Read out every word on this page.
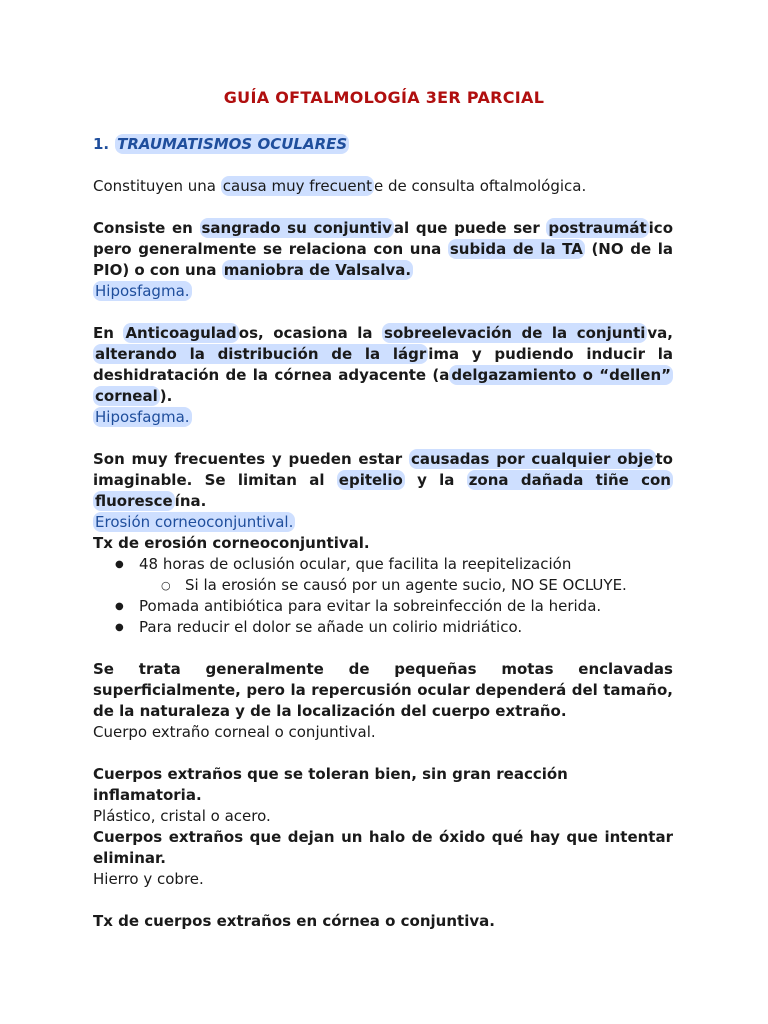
GUÍA OFTALMOLOGÍA 3ER PARCIAL
1. TRAUMATISMOS OCULARES
Constituyen una causa muy frecuent e de consulta oftalmológica.
Consiste en sangrado su conjuntiv al que puede ser postraumát ico pero generalmente se relaciona con una subida de la TA (NO de la PIO) o con una maniobra de Valsalva.
Hiposfagma.
En Anticoagulad os, ocasiona la sobreelevación de la conjunti va, alterando la distribución de la lágr ima y pudiendo inducir la deshidratación de la córnea adyacente (a delgazamiento o “dellen” corneal ).
Hiposfagma.
Son muy frecuentes y pueden estar causadas por cualquier obje to imaginable. Se limitan al epitelio y la zona dañada tiñe con fluoresce ína.
Erosión corneoconjuntival.
Tx de erosión corneoconjuntival.
● 48 horas de oclusión ocular, que facilita la reepitelización
○ Si la erosión se causó por un agente sucio, NO SE OCLUYE.
● Pomada antibiótica para evitar la sobreinfección de la herida.
● Para reducir el dolor se añade un colirio midriático.
Se trata generalmente de pequeñas motas enclavadas superficialmente, pero la repercusión ocular dependerá del tamaño, de la naturaleza y de la localización del cuerpo extraño.
Cuerpo extraño corneal o conjuntival.
Cuerpos extraños que se toleran bien, sin gran reacción inflamatoria.
Plástico, cristal o acero.
Cuerpos extraños que dejan un halo de óxido qué hay que intentar eliminar.
Hierro y cobre.
Tx de cuerpos extraños en córnea o conjuntiva.
